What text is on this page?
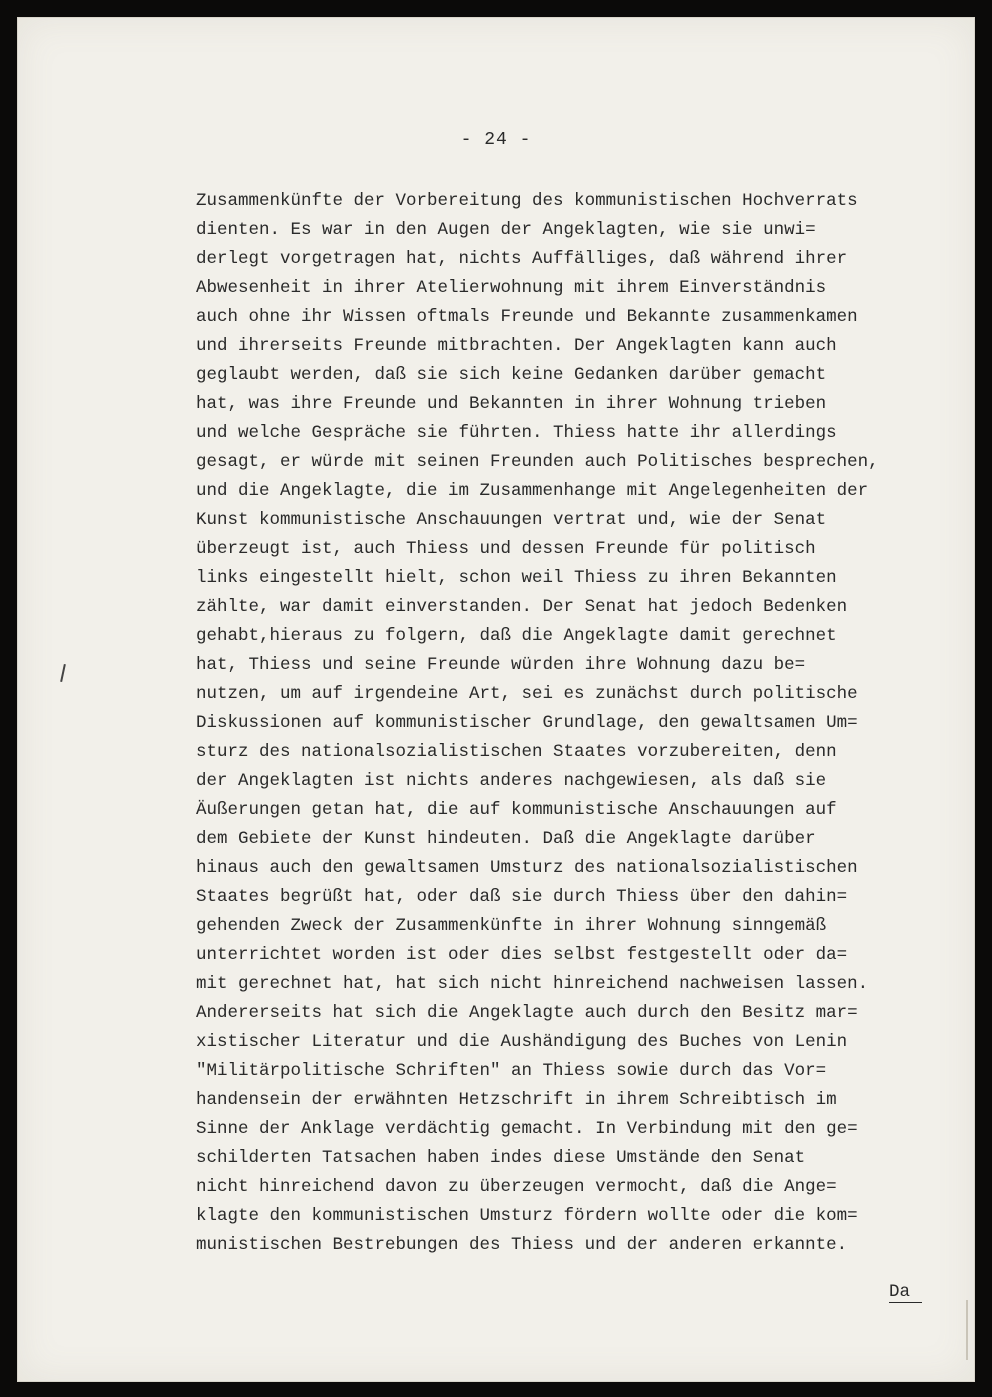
- 24 -
Zusammenkünfte der Vorbereitung des kommunistischen Hochverrats
dienten. Es war in den Augen der Angeklagten, wie sie unwi=
derlegt vorgetragen hat, nichts Auffälliges, daß während ihrer
Abwesenheit in ihrer Atelierwohnung mit ihrem Einverständnis
auch ohne ihr Wissen oftmals Freunde und Bekannte zusammenkamen
und ihrerseits Freunde mitbrachten. Der Angeklagten kann auch
geglaubt werden, daß sie sich keine Gedanken darüber gemacht
hat, was ihre Freunde und Bekannten in ihrer Wohnung trieben
und welche Gespräche sie führten. Thiess hatte ihr allerdings
gesagt, er würde mit seinen Freunden auch Politisches besprechen,
und die Angeklagte, die im Zusammenhange mit Angelegenheiten der
Kunst kommunistische Anschauungen vertrat und, wie der Senat
überzeugt ist, auch Thiess und dessen Freunde für politisch
links eingestellt hielt, schon weil Thiess zu ihren Bekannten
zählte, war damit einverstanden. Der Senat hat jedoch Bedenken
gehabt,hieraus zu folgern, daß die Angeklagte damit gerechnet
hat, Thiess und seine Freunde würden ihre Wohnung dazu be=
nutzen, um auf irgendeine Art, sei es zunächst durch politische
Diskussionen auf kommunistischer Grundlage, den gewaltsamen Um=
sturz des nationalsozialistischen Staates vorzubereiten, denn
der Angeklagten ist nichts anderes nachgewiesen, als daß sie
Äußerungen getan hat, die auf kommunistische Anschauungen auf
dem Gebiete der Kunst hindeuten. Daß die Angeklagte darüber
hinaus auch den gewaltsamen Umsturz des nationalsozialistischen
Staates begrüßt hat, oder daß sie durch Thiess über den dahin=
gehenden Zweck der Zusammenkünfte in ihrer Wohnung sinngemäß
unterrichtet worden ist oder dies selbst festgestellt oder da=
mit gerechnet hat, hat sich nicht hinreichend nachweisen lassen.
Andererseits hat sich die Angeklagte auch durch den Besitz mar=
xistischer Literatur und die Aushändigung des Buches von Lenin
"Militärpolitische Schriften" an Thiess sowie durch das Vor=
handensein der erwähnten Hetzschrift in ihrem Schreibtisch im
Sinne der Anklage verdächtig gemacht. In Verbindung mit den ge=
schilderten Tatsachen haben indes diese Umstände den Senat
nicht hinreichend davon zu überzeugen vermocht, daß die Ange=
klagte den kommunistischen Umsturz fördern wollte oder die kom=
munistischen Bestrebungen des Thiess und der anderen erkannte.
Da
